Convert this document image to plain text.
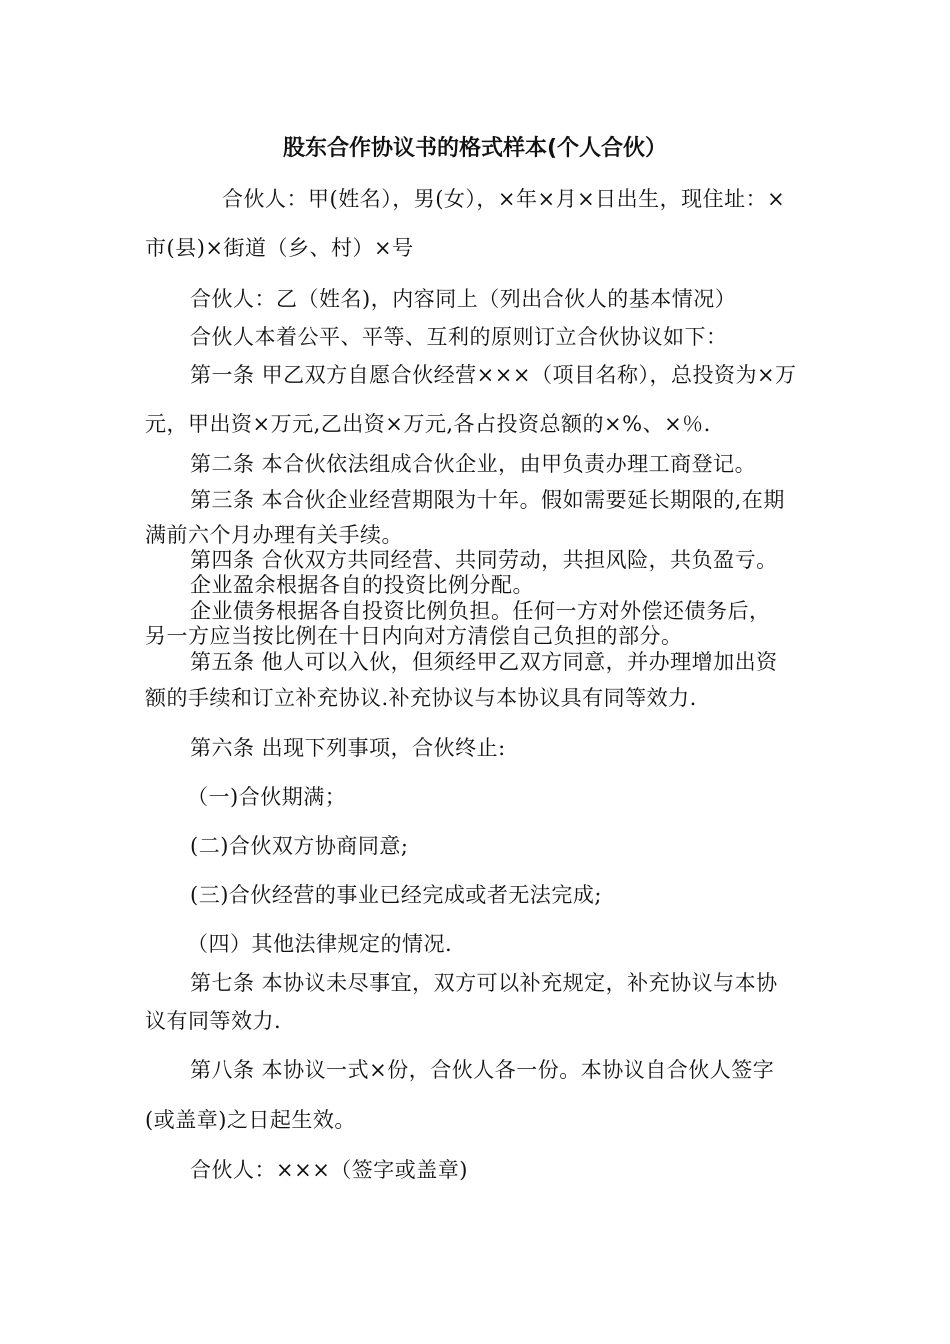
股东合作协议书的格式样本(个人合伙）
合伙人：甲(姓名），男(女），×年×月×日出生，现住址：×
市(县)×街道（乡、村）×号
合伙人：乙（姓名)，内容同上（列出合伙人的基本情况）
合伙人本着公平、平等、互利的原则订立合伙协议如下：
第一条 甲乙双方自愿合伙经营×××（项目名称），总投资为×万
元，甲出资×万元,乙出资×万元,各占投资总额的×%、×％.
第二条 本合伙依法组成合伙企业，由甲负责办理工商登记。
第三条 本合伙企业经营期限为十年。假如需要延长期限的,在期
满前六个月办理有关手续。
第四条 合伙双方共同经营、共同劳动，共担风险，共负盈亏。
企业盈余根据各自的投资比例分配。
企业债务根据各自投资比例负担。任何一方对外偿还债务后，
另一方应当按比例在十日内向对方清偿自己负担的部分。
第五条 他人可以入伙，但须经甲乙双方同意，并办理增加出资
额的手续和订立补充协议.补充协议与本协议具有同等效力.
第六条 出现下列事项，合伙终止:
（一)合伙期满；
(二)合伙双方协商同意;
(三)合伙经营的事业已经完成或者无法完成;
（四）其他法律规定的情况.
第七条 本协议未尽事宜，双方可以补充规定，补充协议与本协
议有同等效力.
第八条 本协议一式×份，合伙人各一份。本协议自合伙人签字
(或盖章)之日起生效。
合伙人：×××（签字或盖章)
